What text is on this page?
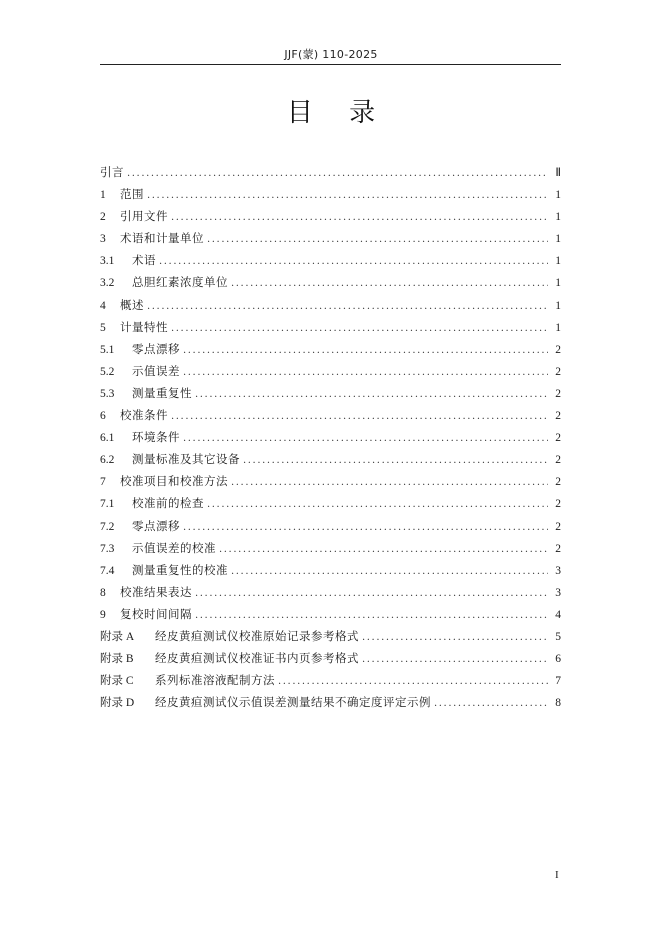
JJF(蒙) 110-2025
目 录
引言 .....	Ⅱ
1	范围 .....	1
2	引用文件 .....	1
3	术语和计量单位 .....	1
3.1	术语 .....	1
3.2	总胆红素浓度单位 .....	1
4	概述 .....	1
5	计量特性 .....	1
5.1	零点漂移 .....	2
5.2	示值误差 .....	2
5.3	测量重复性 .....	2
6	校准条件 .....	2
6.1	环境条件 .....	2
6.2	测量标准及其它设备 .....	2
7	校准项目和校准方法 .....	2
7.1	校准前的检查 .....	2
7.2	零点漂移 .....	2
7.3	示值误差的校准 .....	2
7.4	测量重复性的校准 .....	3
8	校准结果表达 .....	3
9	复校时间间隔 .....	4
附录 A	经皮黄疸测试仪校准原始记录参考格式 .....	5
附录 B	经皮黄疸测试仪校准证书内页参考格式 .....	6
附录 C	系列标准溶液配制方法 .....	7
附录 D	经皮黄疸测试仪示值误差测量结果不确定度评定示例 .....	8
I
